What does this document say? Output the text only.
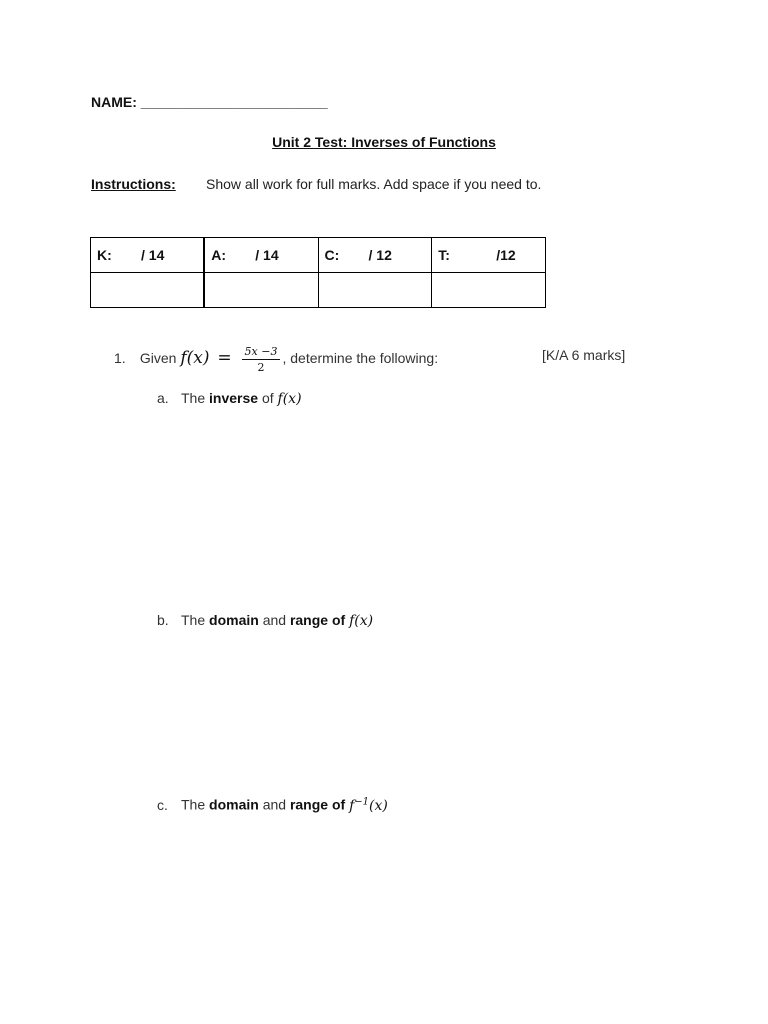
NAME: ________________________
Unit 2 Test: Inverses of Functions
Instructions: Show all work for full marks. Add space if you need to.
K: / 14	A: / 14	C: / 12	T: /12

1. Given $f(x) = \frac{5x -3}{2}$ , determine the following:	[K/A 6 marks]
a. The inverse of f(x)
b. The domain and range of f(x)
c. The domain and range of $f^{-1}(x)$
